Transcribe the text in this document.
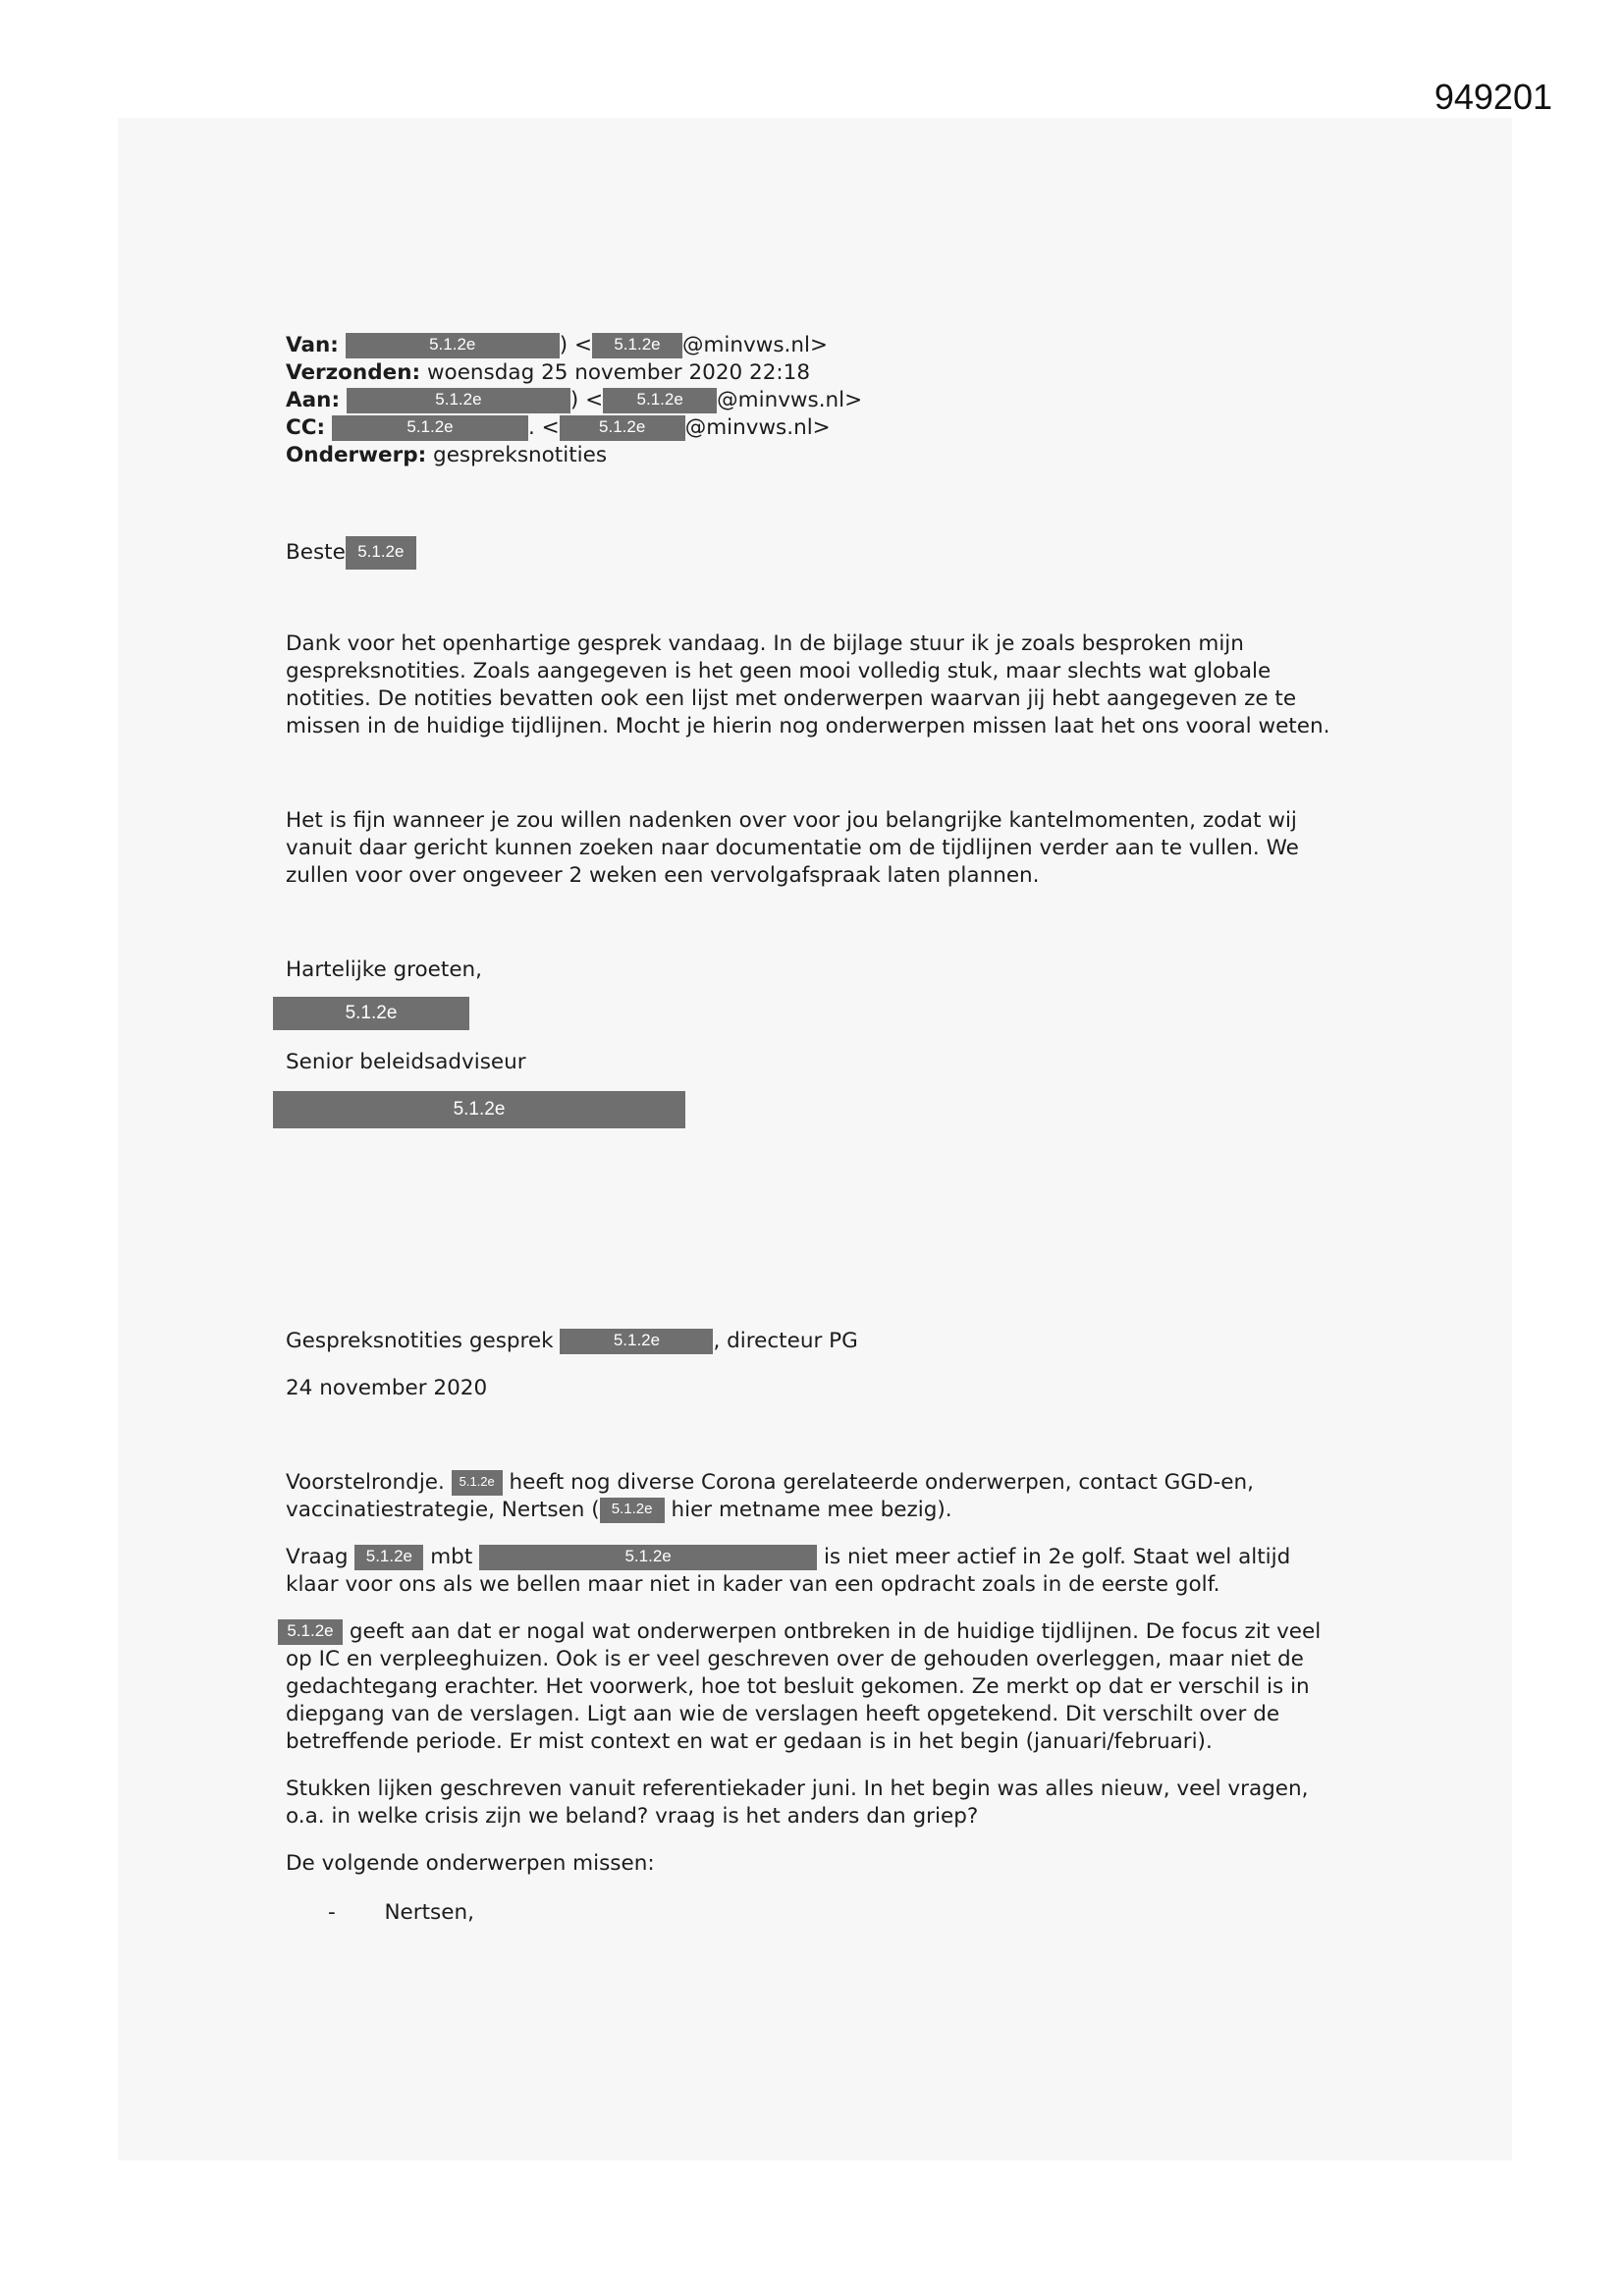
949201
Van:	5.1.2e	) < 5.1.2e @minvws.nl>
Verzonden: woensdag 25 november 2020 22:18
Aan:	5.1.2e	) < 5.1.2e @minvws.nl>
CC:	5.1.2e	. < 5.1.2e @minvws.nl>
Onderwerp: gespreksnotities
Beste 5.1.2e
Dank voor het openhartige gesprek vandaag. In de bijlage stuur ik je zoals besproken mijn
gespreksnotities. Zoals aangegeven is het geen mooi volledig stuk, maar slechts wat globale
notities. De notities bevatten ook een lijst met onderwerpen waarvan jij hebt aangegeven ze te
missen in de huidige tijdlijnen. Mocht je hierin nog onderwerpen missen laat het ons vooral weten.
Het is fijn wanneer je zou willen nadenken over voor jou belangrijke kantelmomenten, zodat wij
vanuit daar gericht kunnen zoeken naar documentatie om de tijdlijnen verder aan te vullen. We
zullen voor over ongeveer 2 weken een vervolgafspraak laten plannen.
Hartelijke groeten,
5.1.2e
Senior beleidsadviseur
5.1.2e
Gespreksnotities gesprek	5.1.2e	, directeur PG
24 november 2020
Voorstelrondje. 5.1.2e heeft nog diverse Corona gerelateerde onderwerpen, contact GGD-en,
vaccinatiestrategie, Nertsen ( 5.1.2e hier metname mee bezig).
Vraag 5.1.2e mbt	5.1.2e	is niet meer actief in 2e golf. Staat wel altijd
klaar voor ons als we bellen maar niet in kader van een opdracht zoals in de eerste golf.
5.1.2e geeft aan dat er nogal wat onderwerpen ontbreken in de huidige tijdlijnen. De focus zit veel
op IC en verpleeghuizen. Ook is er veel geschreven over de gehouden overleggen, maar niet de
gedachtegang erachter. Het voorwerk, hoe tot besluit gekomen. Ze merkt op dat er verschil is in
diepgang van de verslagen. Ligt aan wie de verslagen heeft opgetekend. Dit verschilt over de
betreffende periode. Er mist context en wat er gedaan is in het begin (januari/februari).
Stukken lijken geschreven vanuit referentiekader juni. In het begin was alles nieuw, veel vragen,
o.a. in welke crisis zijn we beland? vraag is het anders dan griep?
De volgende onderwerpen missen:
- Nertsen,
